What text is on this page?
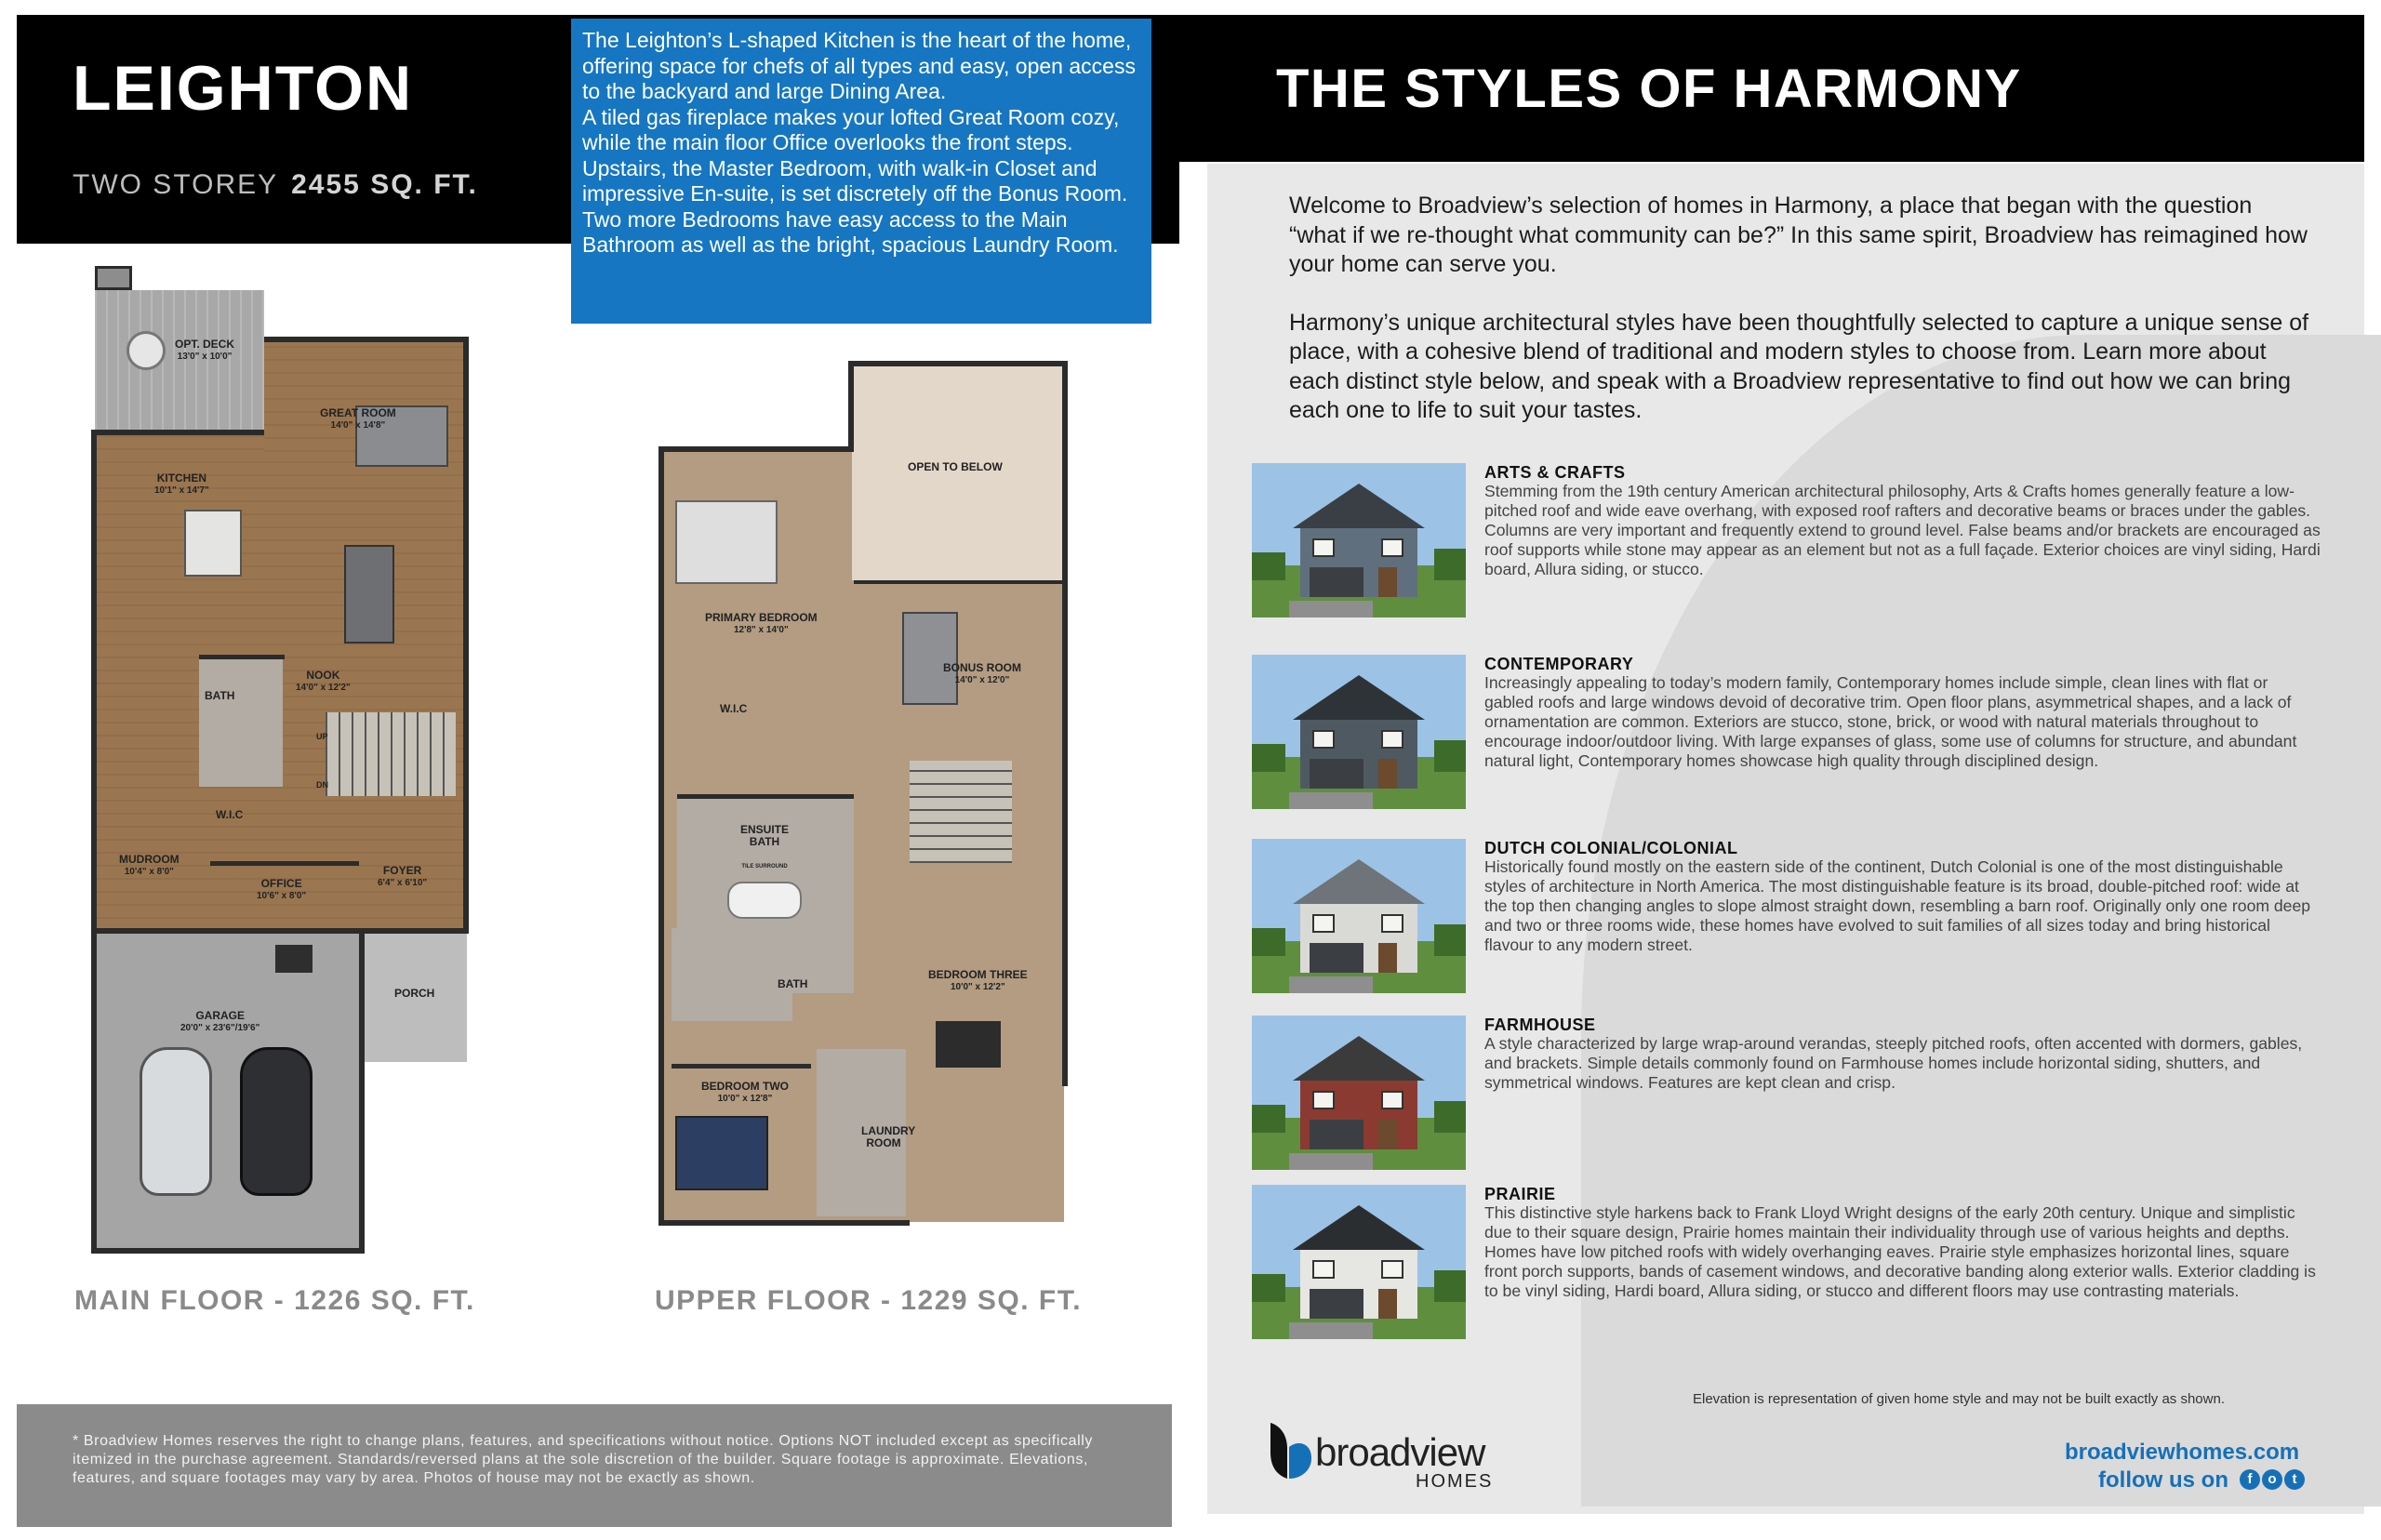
LEIGHTON
TWO STOREY 2455 SQ. FT.

The Leighton’s L-shaped Kitchen is the heart of the home, offering space for chefs of all types and easy, open access to the backyard and large Dining Area.

A tiled gas fireplace makes your lofted Great Room cozy, while the main floor Office overlooks the front steps.

Upstairs, the Master Bedroom, with walk-in Closet and impressive En-suite, is set discretely off the Bonus Room. Two more Bedrooms have easy access to the Main Bathroom as well as the bright, spacious Laundry Room.

OPT. DECK
13'0" x 10'0"
GREAT ROOM
14'0" x 14'8"
KITCHEN
10'1" x 14'7"
NOOK
14'0" x 12'2"
BATH
W.I.C
MUDROOM
10'4" x 8'0"
OFFICE
10'6" x 8'0"
FOYER
6'4" x 6'10"
PORCH
GARAGE
20'0" x 23'6"/19'6"
UP
DN
OPEN TO BELOW
PRIMARY BEDROOM
12'8" x 14'0"
BONUS ROOM
14'0" x 12'0"
W.I.C
ENSUITE BATH
TILE SURROUND
BATH
BEDROOM THREE
10'0" x 12'2"
BEDROOM TWO
10'0" x 12'8"
LAUNDRY ROOM
MAIN FLOOR - 1226 SQ. FT.	UPPER FLOOR - 1229 SQ. FT.

* Broadview Homes reserves the right to change plans, features, and specifications without notice. Options NOT included except as specifically itemized in the purchase agreement. Standards/reversed plans at the sole discretion of the builder. Square footage is approximate. Elevations, features, and square footages may vary by area. Photos of house may not be exactly as shown.

THE STYLES OF HARMONY

Welcome to Broadview’s selection of homes in Harmony, a place that began with the question “what if we re-thought what community can be?” In this same spirit, Broadview has reimagined how your home can serve you.

Harmony’s unique architectural styles have been thoughtfully selected to capture a unique sense of place, with a cohesive blend of traditional and modern styles to choose from. Learn more about each distinct style below, and speak with a Broadview representative to find out how we can bring each one to life to suit your tastes.

ARTS & CRAFTS
Stemming from the 19th century American architectural philosophy, Arts & Crafts homes generally feature a low-pitched roof and wide eave overhang, with exposed roof rafters and decorative beams or braces under the gables. Columns are very important and frequently extend to ground level. False beams and/or brackets are encouraged as roof supports while stone may appear as an element but not as a full façade. Exterior choices are vinyl siding, Hardi board, Allura siding, or stucco.
CONTEMPORARY
Increasingly appealing to today’s modern family, Contemporary homes include simple, clean lines with flat or gabled roofs and large windows devoid of decorative trim. Open floor plans, asymmetrical shapes, and a lack of ornamentation are common. Exteriors are stucco, stone, brick, or wood with natural materials throughout to encourage indoor/outdoor living. With large expanses of glass, some use of columns for structure, and abundant natural light, Contemporary homes showcase high quality through disciplined design.
DUTCH COLONIAL/COLONIAL
Historically found mostly on the eastern side of the continent, Dutch Colonial is one of the most distinguishable styles of architecture in North America. The most distinguishable feature is its broad, double-pitched roof: wide at the top then changing angles to slope almost straight down, resembling a barn roof. Originally only one room deep and two or three rooms wide, these homes have evolved to suit families of all sizes today and bring historical flavour to any modern street.
FARMHOUSE
A style characterized by large wrap-around verandas, steeply pitched roofs, often accented with dormers, gables, and brackets. Simple details commonly found on Farmhouse homes include horizontal siding, shutters, and symmetrical windows. Features are kept clean and crisp.
PRAIRIE
This distinctive style harkens back to Frank Lloyd Wright designs of the early 20th century. Unique and simplistic due to their square design, Prairie homes maintain their individuality through use of various heights and depths. Homes have low pitched roofs with widely overhanging eaves. Prairie style emphasizes horizontal lines, square front porch supports, bands of casement windows, and decorative banding along exterior walls. Exterior cladding is to be vinyl siding, Hardi board, Allura siding, or stucco and different floors may use contrasting materials.
Elevation is representation of given home style and may not be built exactly as shown.
broadview
HOMES
broadviewhomes.com
follow us on	f	o	t
